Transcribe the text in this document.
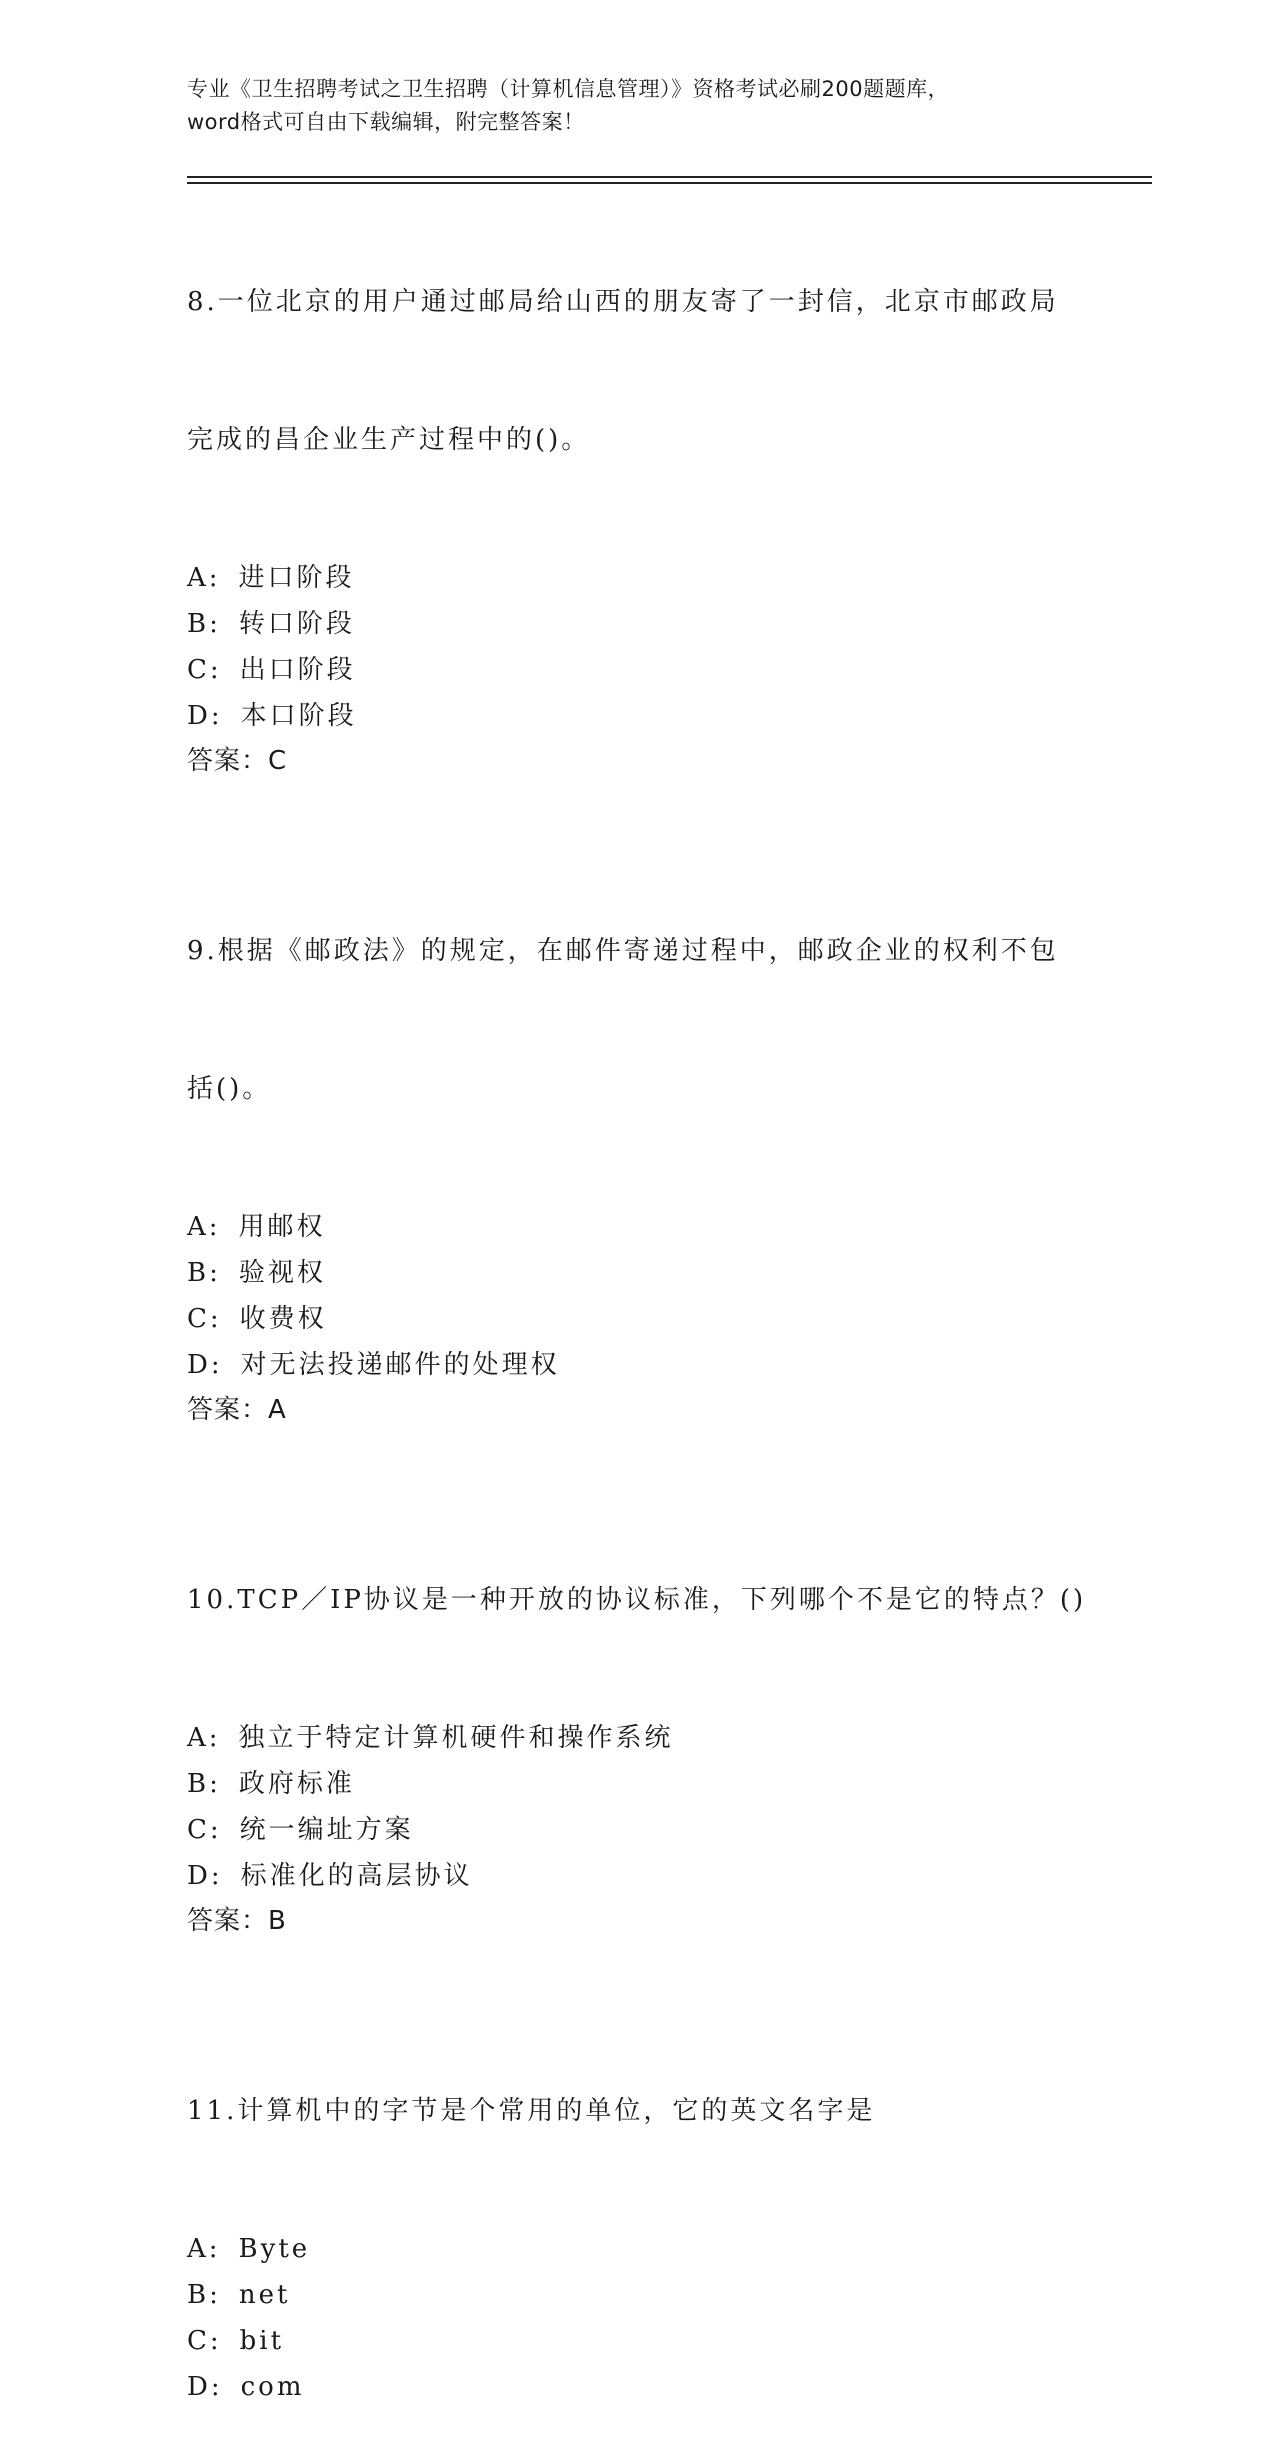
专业《卫生招聘考试之卫生招聘（计算机信息管理）》资格考试必刷200题题库，
word格式可自由下载编辑，附完整答案！

8.一位北京的用户通过邮局给山西的朋友寄了一封信，北京市邮政局

完成的昌企业生产过程中的()。

A: 进口阶段
B: 转口阶段
C: 出口阶段
D: 本口阶段
答案：C

9.根据《邮政法》的规定，在邮件寄递过程中，邮政企业的权利不包

括()。

A: 用邮权
B: 验视权
C: 收费权
D: 对无法投递邮件的处理权
答案：A

10.TCP／IP协议是一种开放的协议标准，下列哪个不是它的特点？()

A: 独立于特定计算机硬件和操作系统
B: 政府标准
C: 统一编址方案
D: 标准化的高层协议
答案：B

11.计算机中的字节是个常用的单位，它的英文名字是

A: Byte
B: net
C: bit
D: com
